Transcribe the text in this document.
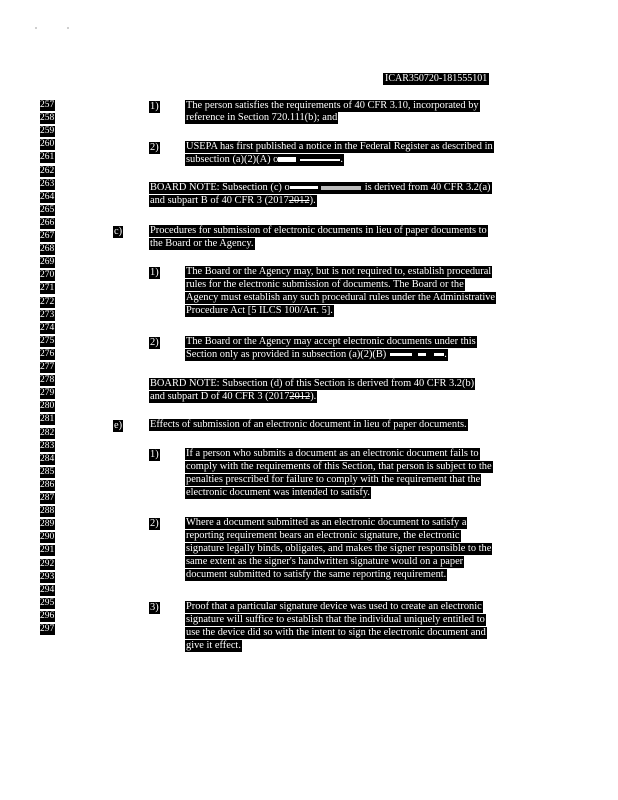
ICAR350720-181555101
257
258
259
260
261
262
263
264
265
266
267
268
269
270
271
272
273
274
275
276
277
278
279
280
281
282
283
284
285
286
287
288
289
290
291
292
293
294
295
296
297
1)	The person satisfies the requirements of 40 CFR 3.10, incorporated by
reference in Section 720.111(b); and
2)	USEPA has first published a notice in the Federal Register as described in
subsection (a)(2)(A) o	.
BOARD NOTE: Subsection (c) o	is derived from 40 CFR 3.2(a)
and subpart B of 40 CFR 3 (20172012).
c)	Procedures for submission of electronic documents in lieu of paper documents to
the Board or the Agency.
1)	The Board or the Agency may, but is not required to, establish procedural
rules for the electronic submission of documents. The Board or the
Agency must establish any such procedural rules under the Administrative
Procedure Act [5 ILCS 100/Art. 5].
2)	The Board or the Agency may accept electronic documents under this
Section only as provided in subsection (a)(2)(B)	.
BOARD NOTE: Subsection (d) of this Section is derived from 40 CFR 3.2(b)
and subpart D of 40 CFR 3 (20172012).
e)	Effects of submission of an electronic document in lieu of paper documents.
1)	If a person who submits a document as an electronic document fails to
comply with the requirements of this Section, that person is subject to the
penalties prescribed for failure to comply with the requirement that the
electronic document was intended to satisfy.
2)	Where a document submitted as an electronic document to satisfy a
reporting requirement bears an electronic signature, the electronic
signature legally binds, obligates, and makes the signer responsible to the
same extent as the signer's handwritten signature would on a paper
document submitted to satisfy the same reporting requirement.
3)	Proof that a particular signature device was used to create an electronic
signature will suffice to establish that the individual uniquely entitled to
use the device did so with the intent to sign the electronic document and
give it effect.
